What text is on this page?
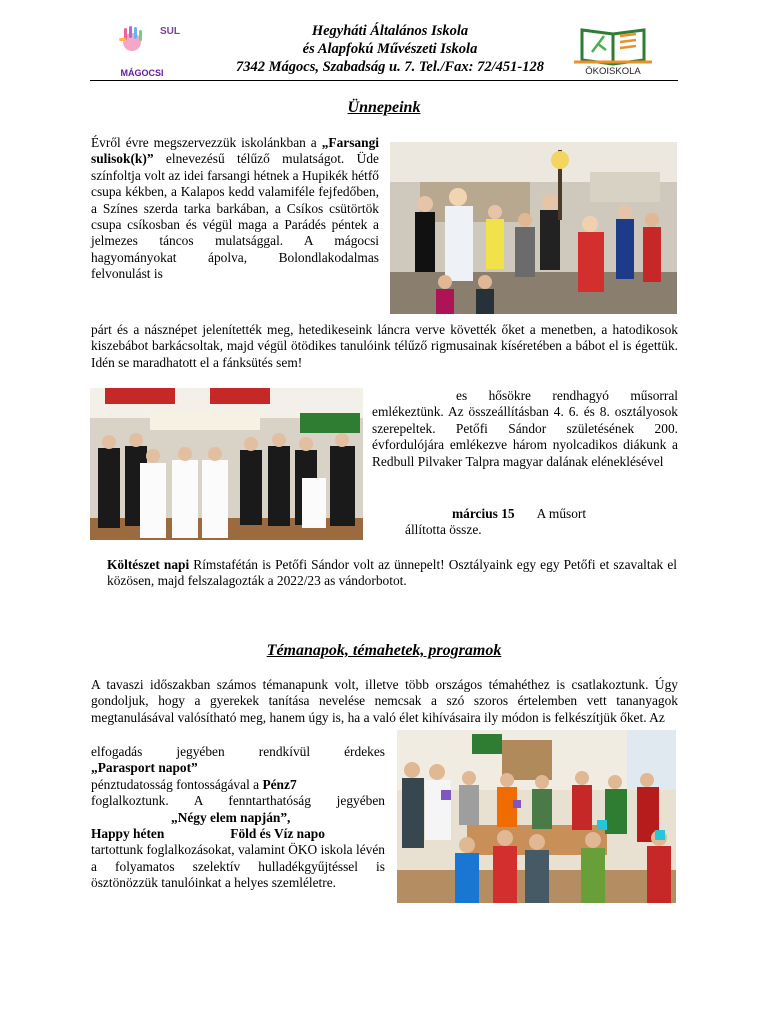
SUL
MÁGOCSI
Hegyháti Általános Iskola
és Alapfokú Művészeti Iskola
7342 Mágocs, Szabadság u. 7. Tel./Fax: 72/451-128	ÖKOISKOLA
Ünnepeink
Évről évre megszervezzük iskolánkban a „Farsangi sulisok(k)” elnevezésű télűző mulatságot. Üde színfoltja volt az idei farsangi hétnek a Hupikék hétfő csupa kékben, a Kalapos kedd valamiféle fejfedőben, a Színes szerda tarka barkában, a Csíkos csütörtök csupa csíkosban és végül maga a Parádés péntek a jelmezes táncos mulatsággal. A mágocsi hagyományokat ápolva, Bolondlakodalmas felvonulást is
párt és a násznépet jelenítették meg, hetedikeseink láncra verve követték őket a menetben, a hatodikosok kiszebábot barkácsoltak, majd végül ötödikes tanulóink télűző rigmusainak kíséretében a bábot el is égettük. Idén se maradhatott el a fánksütés sem!
es hősökre rendhagyó műsorral emlékeztünk. Az összeállításban 4. 6. és 8. osztályosok szerepeltek. Petőfi Sándor születésének 200. évfordulójára emlékezve három nyolcadikos diákunk a Redbull Pilvaker Talpra magyar dalának eléneklésével
március 15 A műsort
állította össze.
Költészet napi Rímstafétán is Petőfi Sándor volt az ünnepelt! Osztályaink egy egy Petőfi et szavaltak el közösen, majd felszalagozták a 2022/23 as vándorbotot.
Témanapok, témahetek, programok
A tavaszi időszakban számos témanapunk volt, illetve több országos témahéthez is csatlakoztunk. Úgy gondoljuk, hogy a gyerekek tanítása nevelése nemcsak a szó szoros értelemben vett tananyagok megtanulásával valósítható meg, hanem úgy is, ha a való élet kihívásaira ily módon is felkészítjük őket. Az
elfogadás jegyében rendkívül érdekes
„Parasport napot”
pénztudatosság fontosságával a Pénz7
foglalkoztunk. A fenntarthatóság jegyében
„Négy elem napján”,
Happy héten	Föld és Víz napo
tartottunk foglalkozásokat, valamint ÖKO iskola lévén a folyamatos szelektív hulladékgyűjtéssel is ösztönözzük tanulóinkat a helyes szemléletre.
